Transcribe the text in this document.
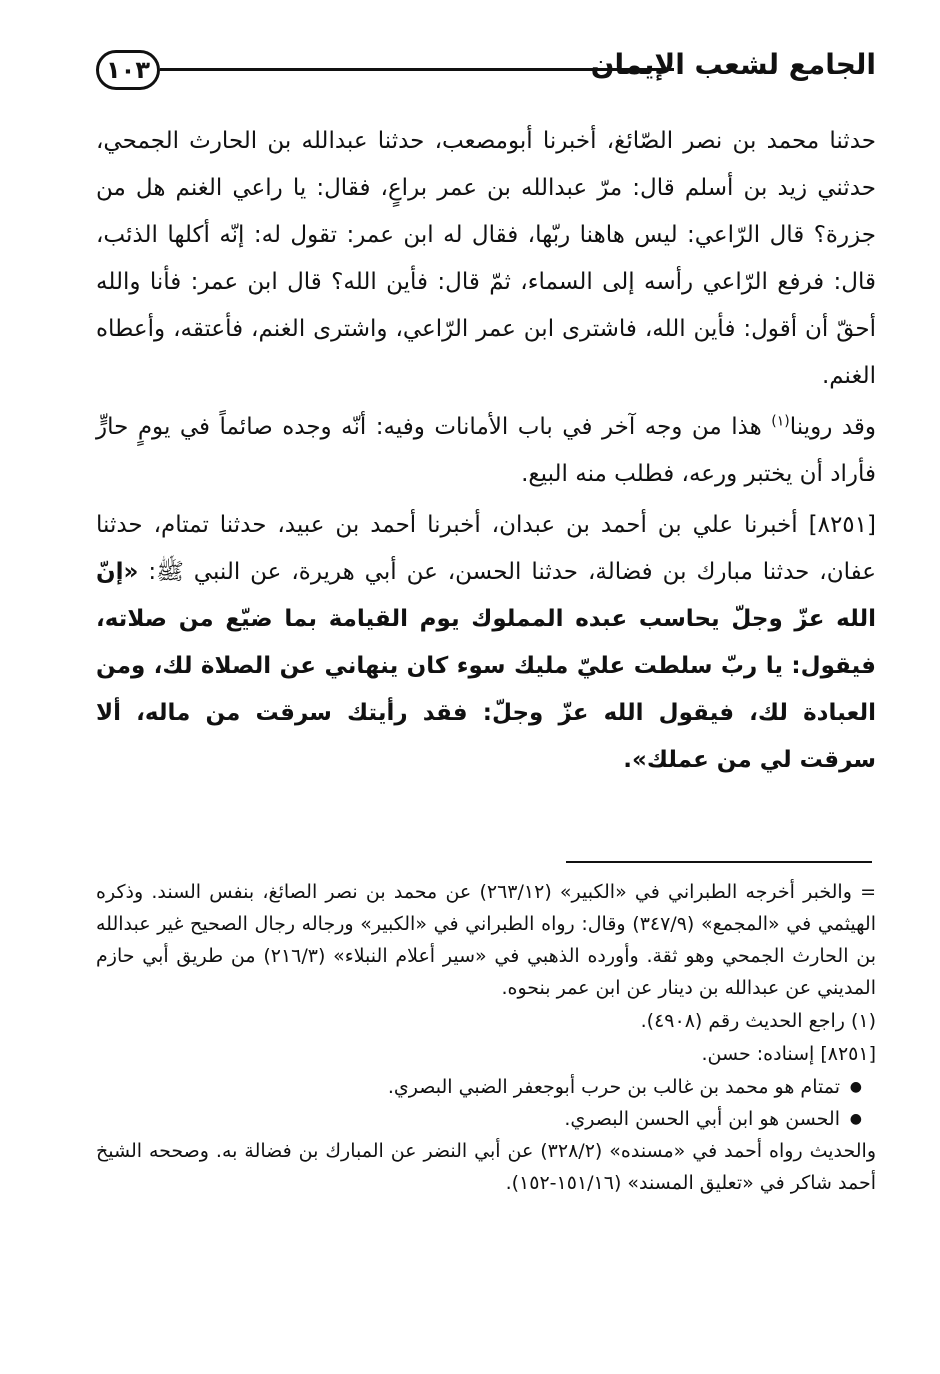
١٠٣	الجامع لشعب الإيمان

حدثنا محمد بن نصر الصّائغ، أخبرنا أبومصعب، حدثنا عبدالله بن الحارث الجمحي، حدثني زيد بن أسلم قال: مرّ عبدالله بن عمر براعٍ، فقال: يا راعي الغنم هل من جزرة؟ قال الرّاعي: ليس هاهنا ربّها، فقال له ابن عمر: تقول له: إنّه أكلها الذئب، قال: فرفع الرّاعي رأسه إلى السماء، ثمّ قال: فأين الله؟ قال ابن عمر: فأنا والله أحقّ أن أقول: فأين الله، فاشترى ابن عمر الرّاعي، واشترى الغنم، فأعتقه، وأعطاه الغنم.

وقد روينا$^{(١)}$ هذا من وجه آخر في باب الأمانات وفيه: أنّه وجده صائماً في يومٍ حارٍّ فأراد أن يختبر ورعه، فطلب منه البيع.

[٨٢٥١] أخبرنا علي بن أحمد بن عبدان، أخبرنا أحمد بن عبيد، حدثنا تمتام، حدثنا عفان، حدثنا مبارك بن فضالة، حدثنا الحسن، عن أبي هريرة، عن النبي ﷺ: «إنّ الله عزّ وجلّ يحاسب عبده المملوك يوم القيامة بما ضيّع من صلاته، فيقول: يا ربّ سلطت عليّ مليك سوء كان ينهاني عن الصلاة لك، ومن العبادة لك، فيقول الله عزّ وجلّ: فقد رأيتك سرقت من ماله، ألا سرقت لي من عملك».

= والخبر أخرجه الطبراني في «الكبير» (٢٦٣/١٢) عن محمد بن نصر الصائغ، بنفس السند. وذكره الهيثمي في «المجمع» (٣٤٧/٩) وقال: رواه الطبراني في «الكبير» ورجاله رجال الصحيح غير عبدالله بن الحارث الجمحي وهو ثقة. وأورده الذهبي في «سير أعلام النبلاء» (٢١٦/٣) من طريق أبي حازم المديني عن عبدالله بن دينار عن ابن عمر بنحوه.

(١) راجع الحديث رقم (٤٩٠٨).

[٨٢٥١] إسناده: حسن.

● تمتام هو محمد بن غالب بن حرب أبوجعفر الضبي البصري.
● الحسن هو ابن أبي الحسن البصري.

والحديث رواه أحمد في «مسنده» (٣٢٨/٢) عن أبي النضر عن المبارك بن فضالة به. وصححه الشيخ أحمد شاكر في «تعليق المسند» (١٥١/١٦-١٥٢).
